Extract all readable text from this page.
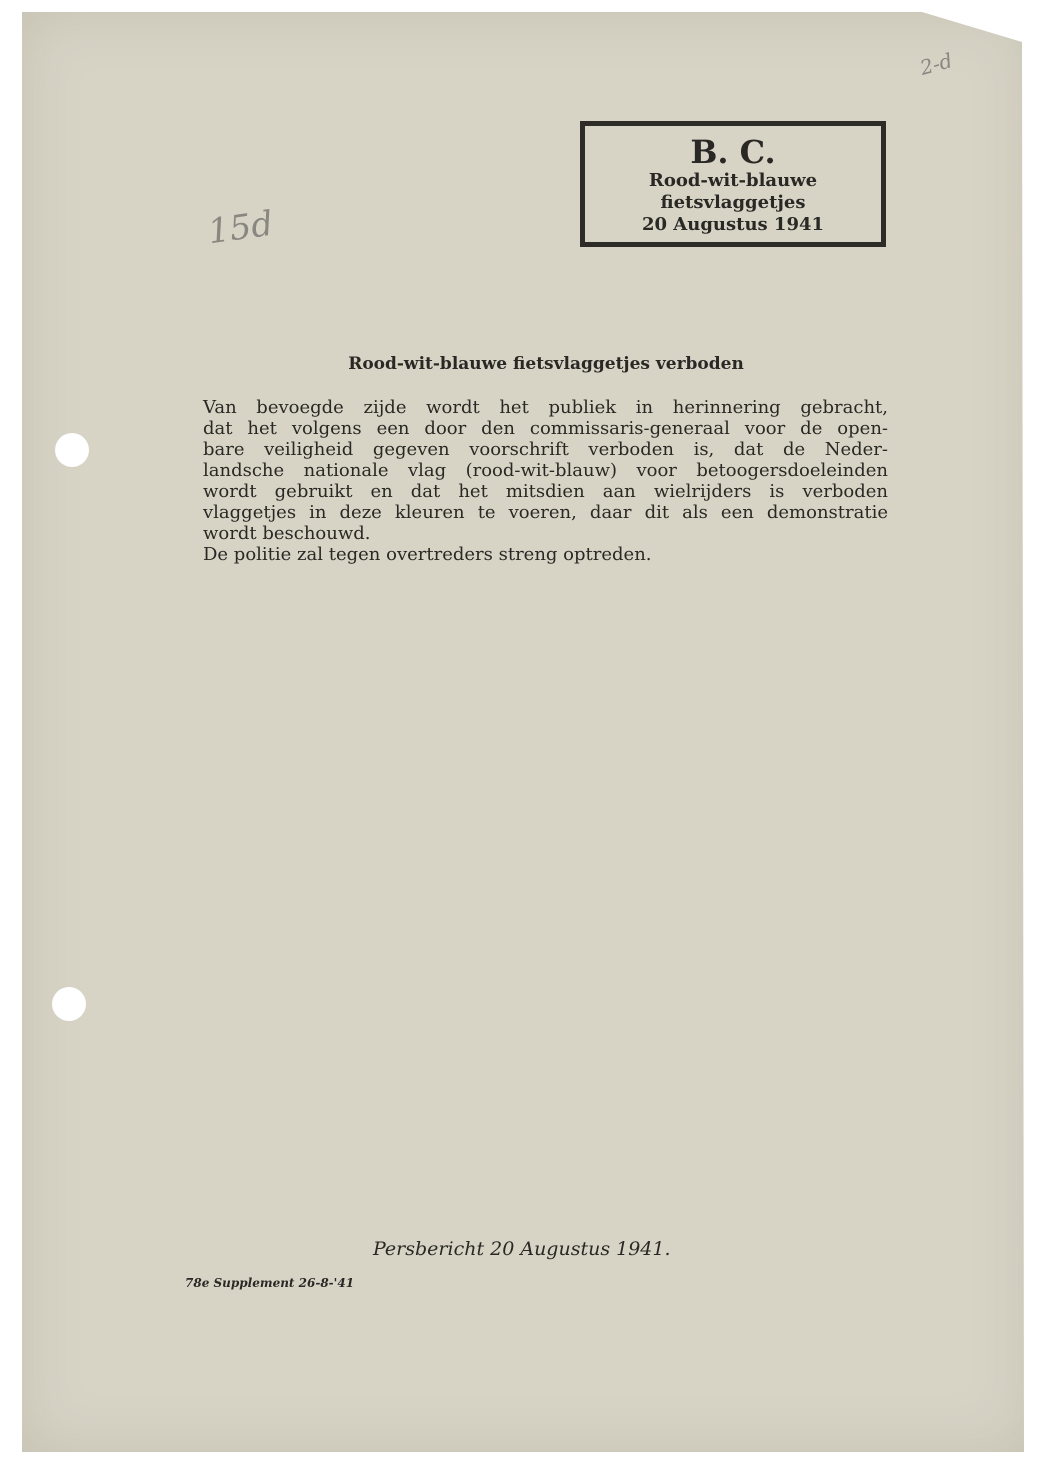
15d
2-d
B. C.
Rood-wit-blauwe
fietsvlaggetjes
20 Augustus 1941
Rood-wit-blauwe fietsvlaggetjes verboden
Van bevoegde zijde wordt het publiek in herinnering gebracht,
dat het volgens een door den commissaris-generaal voor de open-
bare veiligheid gegeven voorschrift verboden is, dat de Neder-
landsche nationale vlag (rood-wit-blauw) voor betoogersdoeleinden
wordt gebruikt en dat het mitsdien aan wielrijders is verboden
vlaggetjes in deze kleuren te voeren, daar dit als een demonstratie
wordt beschouwd.
De politie zal tegen overtreders streng optreden.
Persbericht 20 Augustus 1941.
78e Supplement 26-8-'41
